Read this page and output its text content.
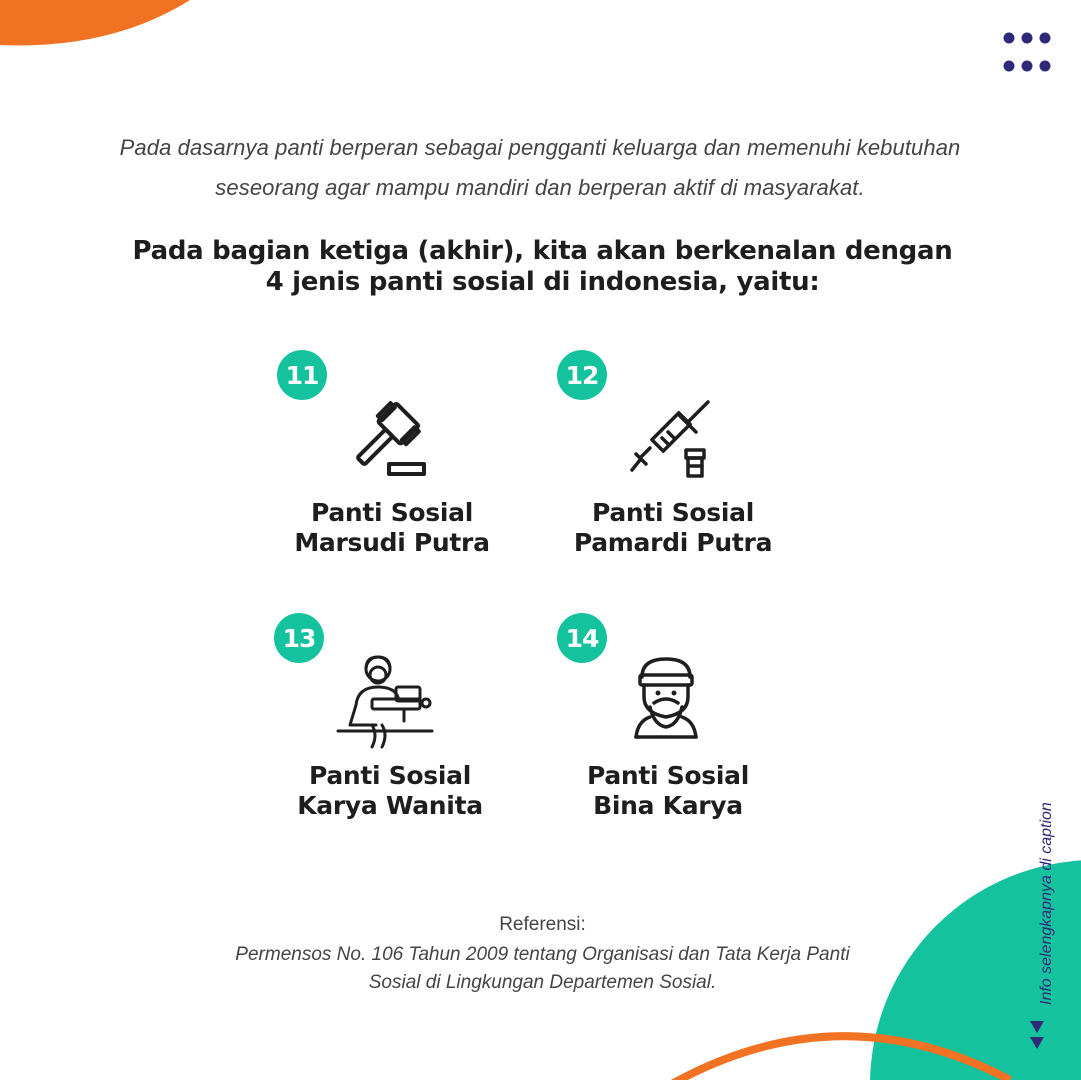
Pada dasarnya panti berperan sebagai pengganti keluarga dan memenuhi kebutuhan seseorang agar mampu mandiri dan berperan aktif di masyarakat.
Pada bagian ketiga (akhir), kita akan berkenalan dengan
4 jenis panti sosial di indonesia, yaitu:
11
Panti Sosial
Marsudi Putra
12
Panti Sosial
Pamardi Putra
13
Panti Sosial
Karya Wanita
14
Panti Sosial
Bina Karya
Referensi:
Permensos No. 106 Tahun 2009 tentang Organisasi dan Tata Kerja Panti
Sosial di Lingkungan Departemen Sosial.	Info selengkapnya di caption
